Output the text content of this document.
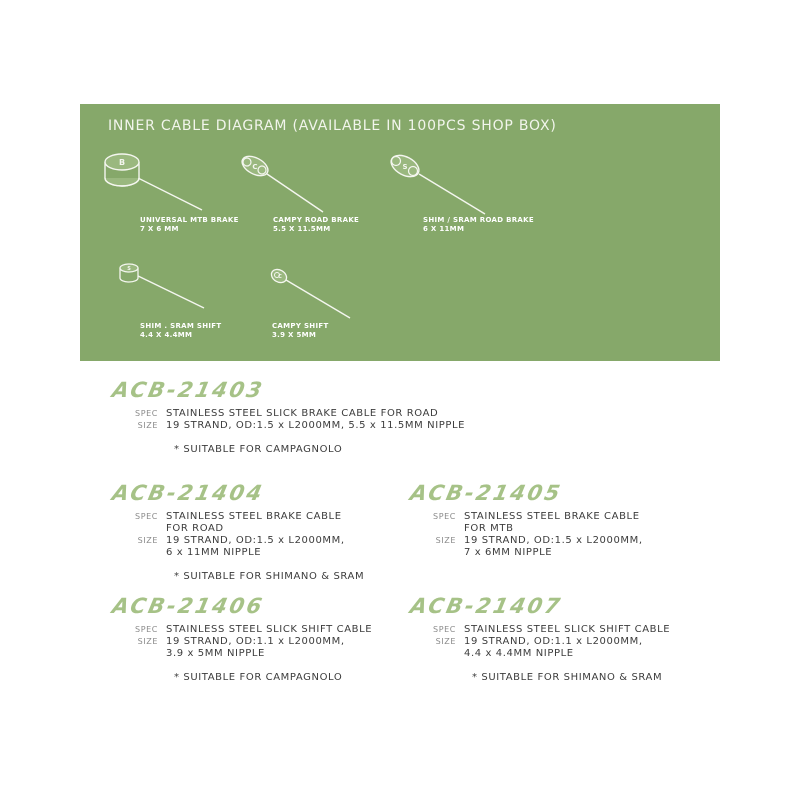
INNER CABLE DIAGRAM (AVAILABLE IN 100PCS SHOP BOX)
B
UNIVERSAL MTB BRAKE
7 X 6 MM
C
CAMPY ROAD BRAKE
5.5 X 11.5MM
S
SHIM / SRAM ROAD BRAKE
6 X 11MM
S
SHIM . SRAM SHIFT
4.4 X 4.4MM
C
CAMPY SHIFT
3.9 X 5MM
ACB-21403
SPEC STAINLESS STEEL SLICK BRAKE CABLE FOR ROAD
SIZE 19 STRAND, OD:1.5 x L2000MM, 5.5 x 11.5MM NIPPLE
* SUITABLE FOR CAMPAGNOLO
ACB-21404
SPEC STAINLESS STEEL BRAKE CABLE
FOR ROAD
SIZE 19 STRAND, OD:1.5 x L2000MM,
6 x 11MM NIPPLE
* SUITABLE FOR SHIMANO & SRAM
ACB-21405
SPEC STAINLESS STEEL BRAKE CABLE
FOR MTB
SIZE 19 STRAND, OD:1.5 x L2000MM,
7 x 6MM NIPPLE
ACB-21406
SPEC STAINLESS STEEL SLICK SHIFT CABLE
SIZE 19 STRAND, OD:1.1 x L2000MM,
3.9 x 5MM NIPPLE
* SUITABLE FOR CAMPAGNOLO
ACB-21407
SPEC STAINLESS STEEL SLICK SHIFT CABLE
SIZE 19 STRAND, OD:1.1 x L2000MM,
4.4 x 4.4MM NIPPLE
* SUITABLE FOR SHIMANO & SRAM
